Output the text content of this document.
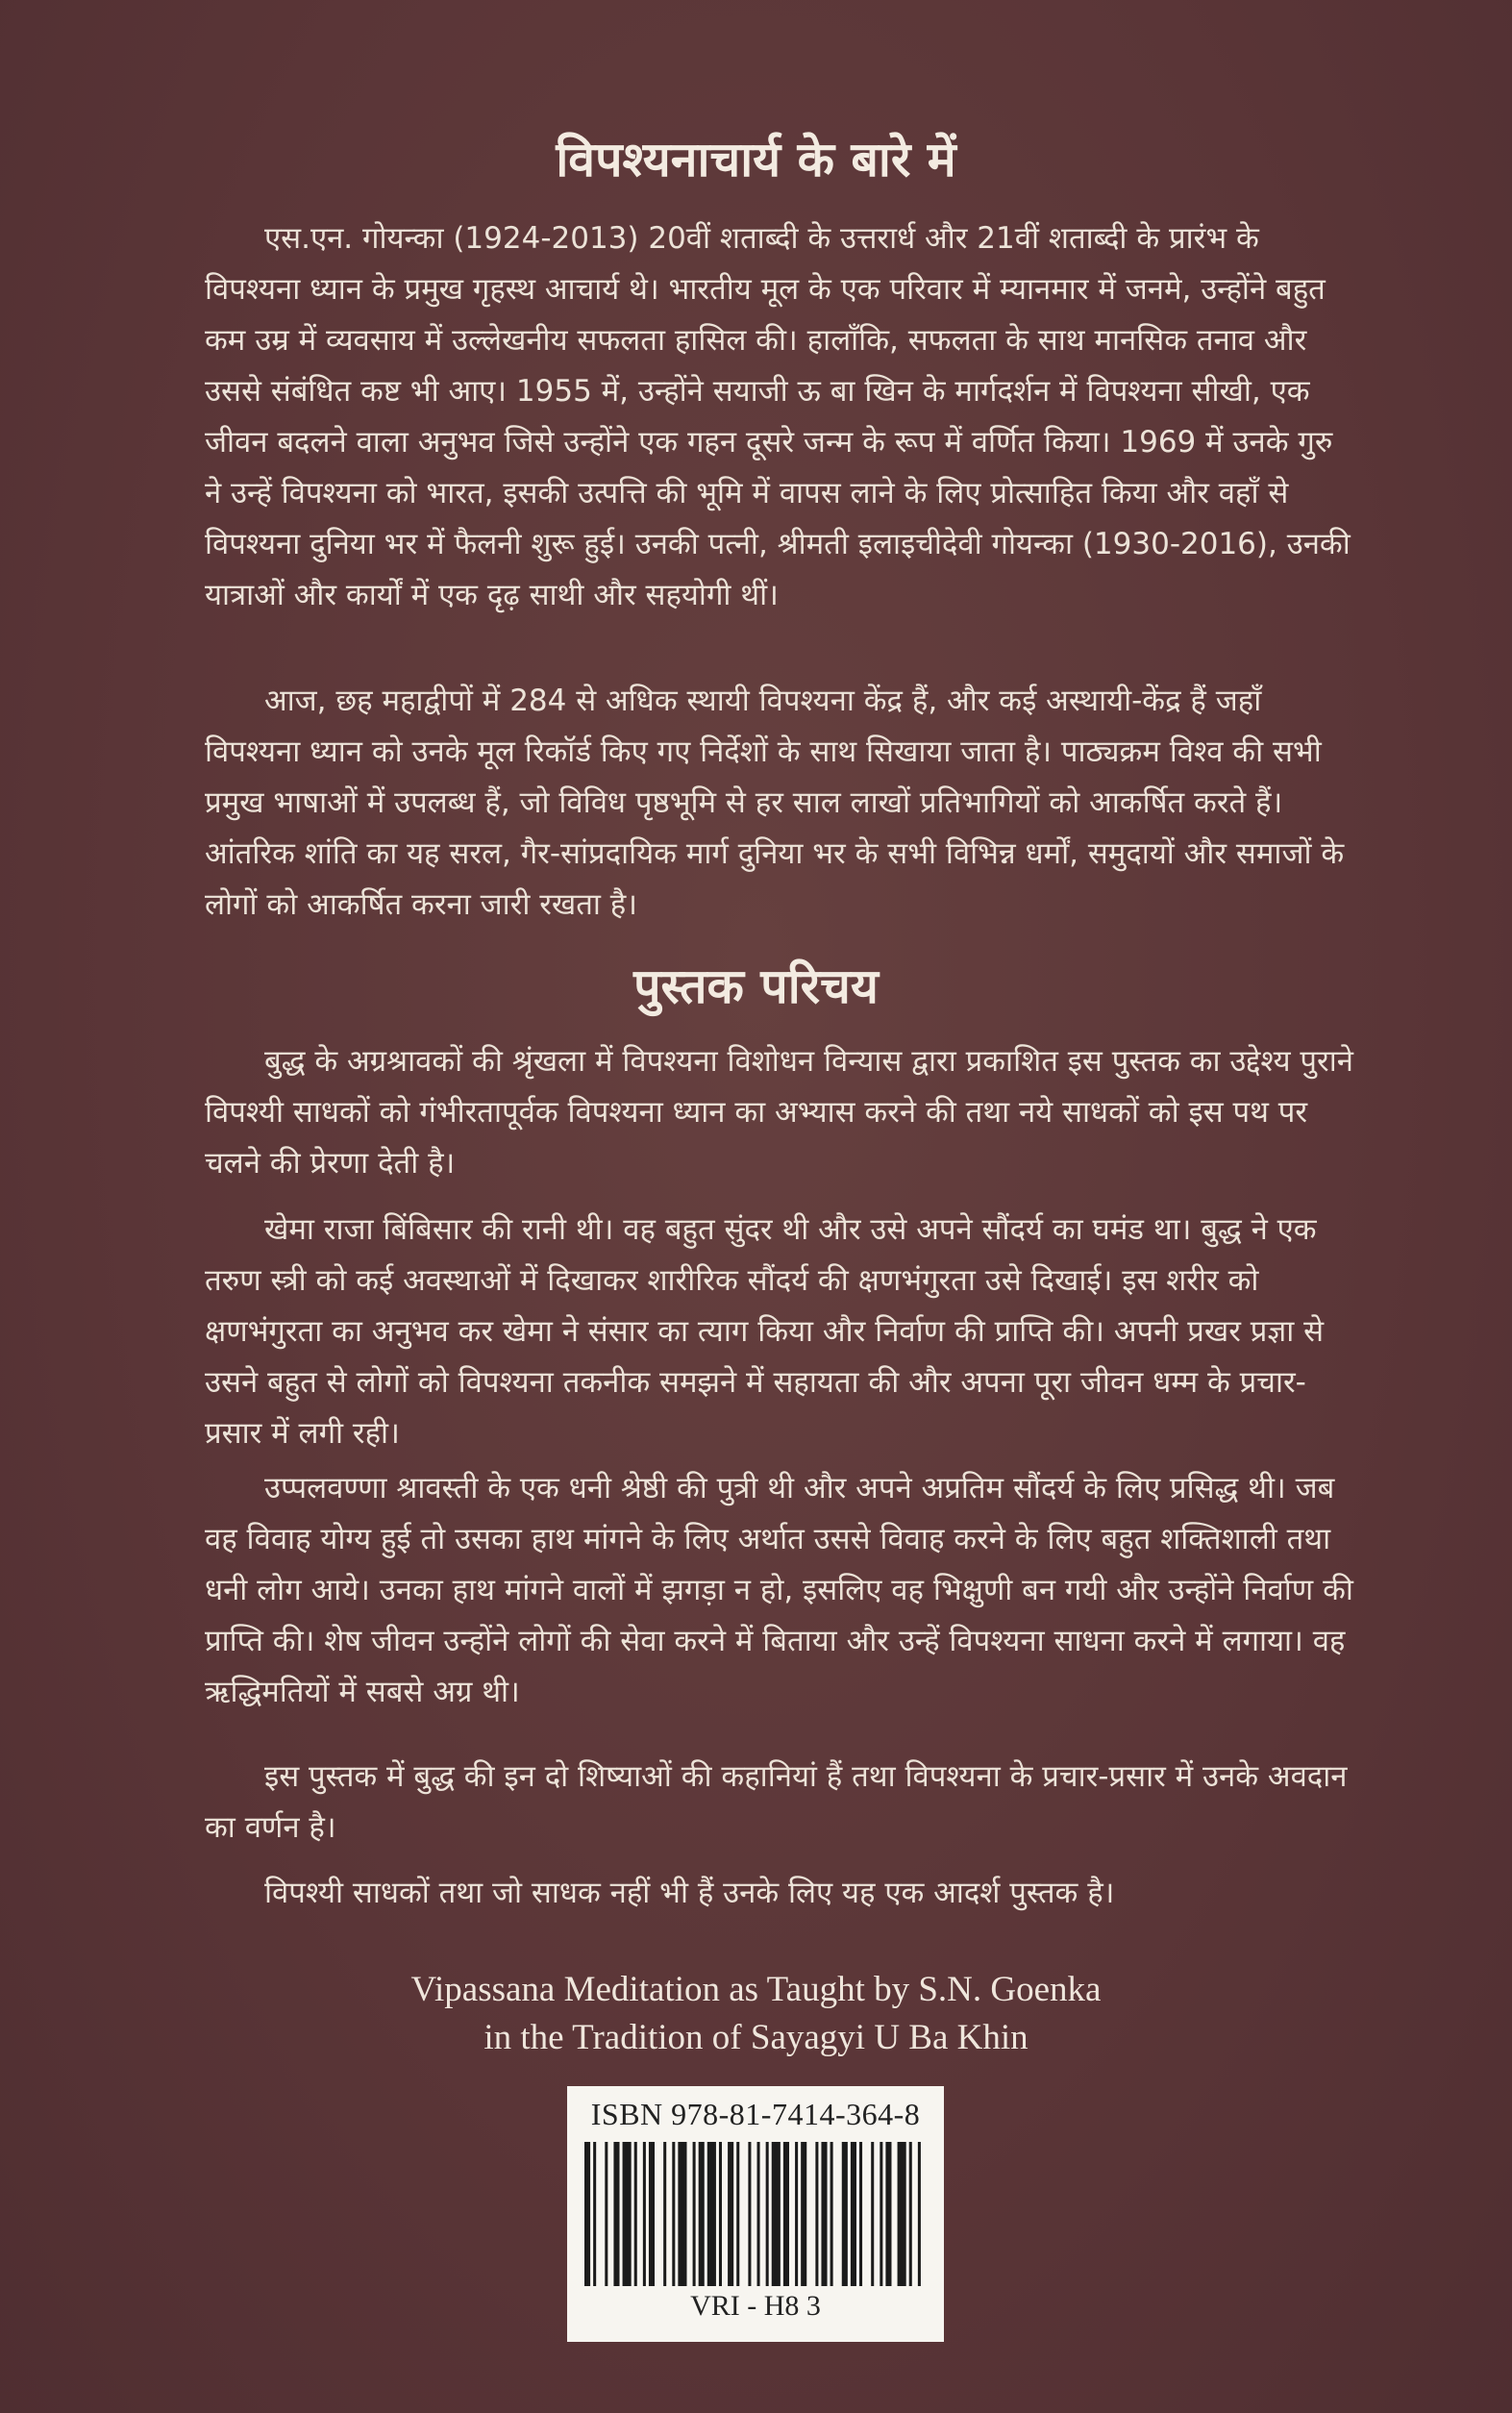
विपश्यनाचार्य के बारे में

एस.एन. गोयन्का (1924-2013) 20वीं शताब्दी के उत्तरार्ध और 21वीं शताब्दी के प्रारंभ के विपश्यना ध्यान के प्रमुख गृहस्थ आचार्य थे। भारतीय मूल के एक परिवार में म्यानमार में जनमे, उन्होंने बहुत कम उम्र में व्यवसाय में उल्लेखनीय सफलता हासिल की। हालाँकि, सफलता के साथ मानसिक तनाव और उससे संबंधित कष्ट भी आए। 1955 में, उन्होंने सयाजी ऊ बा खिन के मार्गदर्शन में विपश्यना सीखी, एक जीवन बदलने वाला अनुभव जिसे उन्होंने एक गहन दूसरे जन्म के रूप में वर्णित किया। 1969 में उनके गुरु ने उन्हें विपश्यना को भारत, इसकी उत्पत्ति की भूमि में वापस लाने के लिए प्रोत्साहित किया और वहाँ से विपश्यना दुनिया भर में फैलनी शुरू हुई। उनकी पत्नी, श्रीमती इलाइचीदेवी गोयन्का (1930-2016), उनकी यात्राओं और कार्यों में एक दृढ़ साथी और सहयोगी थीं।

आज, छह महाद्वीपों में 284 से अधिक स्थायी विपश्यना केंद्र हैं, और कई अस्थायी-केंद्र हैं जहाँ विपश्यना ध्यान को उनके मूल रिकॉर्ड किए गए निर्देशों के साथ सिखाया जाता है। पाठ्यक्रम विश्व की सभी प्रमुख भाषाओं में उपलब्ध हैं, जो विविध पृष्ठभूमि से हर साल लाखों प्रतिभागियों को आकर्षित करते हैं। आंतरिक शांति का यह सरल, गैर-सांप्रदायिक मार्ग दुनिया भर के सभी विभिन्न धर्मों, समुदायों और समाजों के लोगों को आकर्षित करना जारी रखता है।

पुस्तक परिचय

बुद्ध के अग्रश्रावकों की श्रृंखला में विपश्यना विशोधन विन्यास द्वारा प्रकाशित इस पुस्तक का उद्देश्य पुराने विपश्यी साधकों को गंभीरतापूर्वक विपश्यना ध्यान का अभ्यास करने की तथा नये साधकों को इस पथ पर चलने की प्रेरणा देती है।

खेमा राजा बिंबिसार की रानी थी। वह बहुत सुंदर थी और उसे अपने सौंदर्य का घमंड था। बुद्ध ने एक तरुण स्त्री को कई अवस्थाओं में दिखाकर शारीरिक सौंदर्य की क्षणभंगुरता उसे दिखाई। इस शरीर को क्षणभंगुरता का अनुभव कर खेमा ने संसार का त्याग किया और निर्वाण की प्राप्ति की। अपनी प्रखर प्रज्ञा से उसने बहुत से लोगों को विपश्यना तकनीक समझने में सहायता की और अपना पूरा जीवन धम्म के प्रचार-प्रसार में लगी रही।

उप्पलवण्णा श्रावस्ती के एक धनी श्रेष्ठी की पुत्री थी और अपने अप्रतिम सौंदर्य के लिए प्रसिद्ध थी। जब वह विवाह योग्य हुई तो उसका हाथ मांगने के लिए अर्थात उससे विवाह करने के लिए बहुत शक्तिशाली तथा धनी लोग आये। उनका हाथ मांगने वालों में झगड़ा न हो, इसलिए वह भिक्षुणी बन गयी और उन्होंने निर्वाण की प्राप्ति की। शेष जीवन उन्होंने लोगों की सेवा करने में बिताया और उन्हें विपश्यना साधना करने में लगाया। वह ऋद्धिमतियों में सबसे अग्र थी।

इस पुस्तक में बुद्ध की इन दो शिष्याओं की कहानियां हैं तथा विपश्यना के प्रचार-प्रसार में उनके अवदान का वर्णन है।

विपश्यी साधकों तथा जो साधक नहीं भी हैं उनके लिए यह एक आदर्श पुस्तक है।

Vipassana Meditation as Taught by S.N. Goenka

in the Tradition of Sayagyi U Ba Khin

ISBN 978-81-7414-364-8
VRI - H8 3
